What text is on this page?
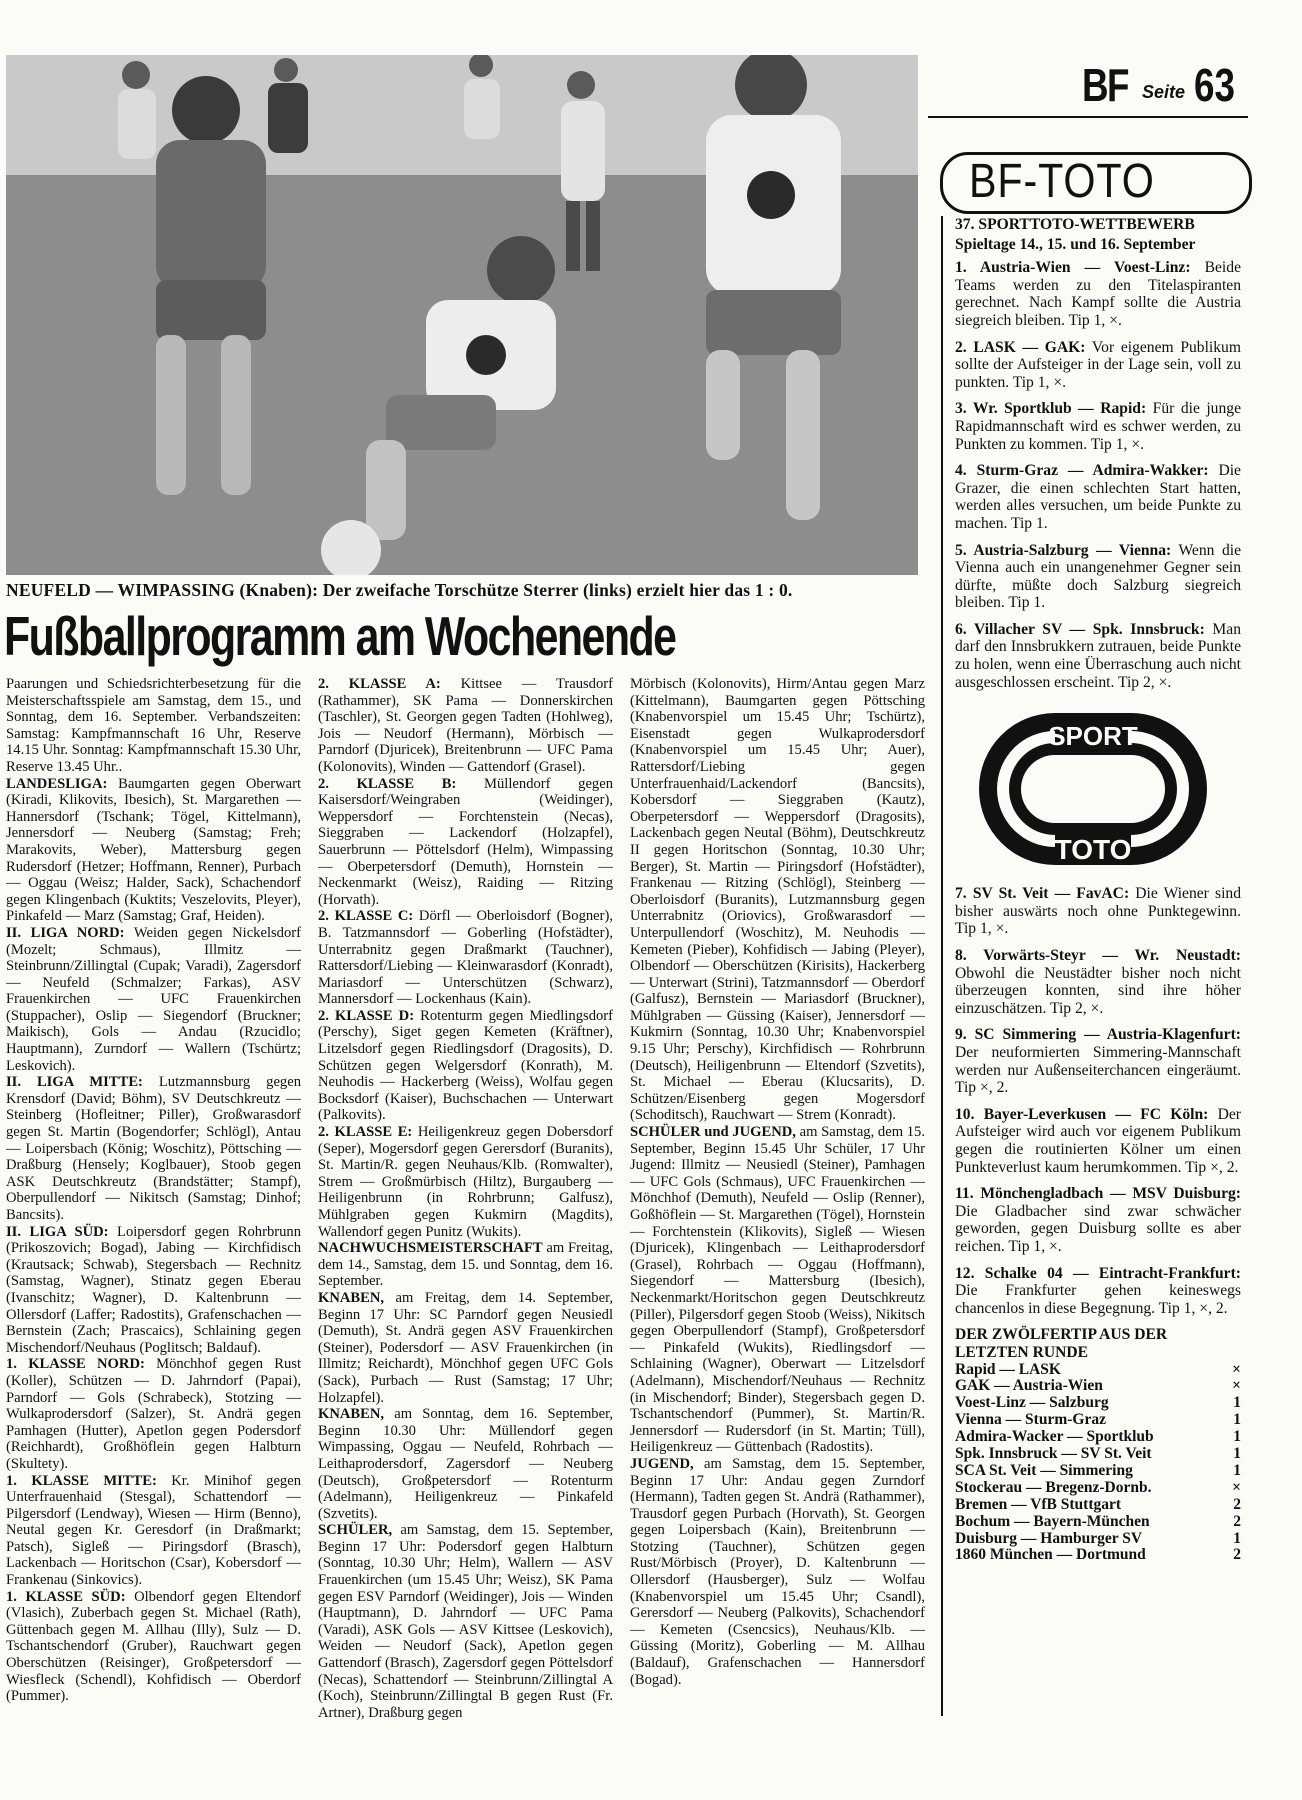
BF Seite 63
NEUFELD — WIMPASSING (Knaben): Der zweifache Torschütze Sterrer (links) erzielt hier das 1 : 0.
Fußballprogramm am Wochenende

Paarungen und Schiedsrichterbesetzung für die Meisterschaftsspiele am Samstag, dem 15., und Sonntag, dem 16. September. Verbandszeiten: Samstag: Kampfmannschaft 16 Uhr, Reserve 14.15 Uhr. Sonntag: Kampfmannschaft 15.30 Uhr, Reserve 13.45 Uhr..

LANDESLIGA: Baumgarten gegen Oberwart (Kiradi, Klikovits, Ibesich), St. Margarethen — Hannersdorf (Tschank; Tögel, Kittelmann), Jennersdorf — Neuberg (Samstag; Freh; Marakovits, Weber), Mattersburg gegen Rudersdorf (Hetzer; Hoffmann, Renner), Purbach — Oggau (Weisz; Halder, Sack), Schachendorf gegen Klingenbach (Kuktits; Veszelovits, Pleyer), Pinkafeld — Marz (Samstag; Graf, Heiden).

II. LIGA NORD: Weiden gegen Nickelsdorf (Mozelt; Schmaus), Illmitz — Steinbrunn/Zillingtal (Cupak; Varadi), Zagersdorf — Neufeld (Schmalzer; Farkas), ASV Frauenkirchen — UFC Frauenkirchen (Stuppacher), Oslip — Siegendorf (Bruckner; Maikisch), Gols — Andau (Rzucidlo; Hauptmann), Zurndorf — Wallern (Tschürtz; Leskovich).

II. LIGA MITTE: Lutzmannsburg gegen Krensdorf (David; Böhm), SV Deutschkreutz — Steinberg (Hofleitner; Piller), Großwarasdorf gegen St. Martin (Bogendorfer; Schlögl), Antau — Loipersbach (König; Woschitz), Pöttsching — Draßburg (Hensely; Koglbauer), Stoob gegen ASK Deutschkreutz (Brandstätter; Stampf), Oberpullendorf — Nikitsch (Samstag; Dinhof; Bancsits).

II. LIGA SÜD: Loipersdorf gegen Rohrbrunn (Prikoszovich; Bogad), Jabing — Kirchfidisch (Krautsack; Schwab), Stegersbach — Rechnitz (Samstag, Wagner), Stinatz gegen Eberau (Ivanschitz; Wagner), D. Kaltenbrunn — Ollersdorf (Laffer; Radostits), Grafenschachen — Bernstein (Zach; Prascaics), Schlaining gegen Mischendorf/Neuhaus (Poglitsch; Baldauf).

1. KLASSE NORD: Mönchhof gegen Rust (Koller), Schützen — D. Jahrndorf (Papai), Parndorf — Gols (Schrabeck), Stotzing — Wulkaprodersdorf (Salzer), St. Andrä gegen Pamhagen (Hutter), Apetlon gegen Podersdorf (Reichhardt), Großhöflein gegen Halbturn (Skultety).

1. KLASSE MITTE: Kr. Minihof gegen Unterfrauenhaid (Stesgal), Schattendorf — Pilgersdorf (Lendway), Wiesen — Hirm (Benno), Neutal gegen Kr. Geresdorf (in Draßmarkt; Patsch), Sigleß — Piringsdorf (Brasch), Lackenbach — Horitschon (Csar), Kobersdorf — Frankenau (Sinkovics).

1. KLASSE SÜD: Olbendorf gegen Eltendorf (Vlasich), Zuberbach gegen St. Michael (Rath), Güttenbach gegen M. Allhau (Illy), Sulz — D. Tschantschendorf (Gruber), Rauchwart gegen Oberschützen (Reisinger), Großpetersdorf — Wiesfleck (Schendl), Kohfidisch — Oberdorf (Pummer).

2. KLASSE A: Kittsee — Trausdorf (Rathammer), SK Pama — Donnerskirchen (Taschler), St. Georgen gegen Tadten (Hohlweg), Jois — Neudorf (Hermann), Mörbisch — Parndorf (Djuricek), Breitenbrunn — UFC Pama (Kolonovits), Winden — Gattendorf (Grasel).

2. KLASSE B: Müllendorf gegen Kaisersdorf/Weingraben (Weidinger), Weppersdorf — Forchtenstein (Necas), Sieggraben — Lackendorf (Holzapfel), Sauerbrunn — Pöttelsdorf (Helm), Wimpassing — Oberpetersdorf (Demuth), Hornstein — Neckenmarkt (Weisz), Raiding — Ritzing (Horvath).

2. KLASSE C: Dörfl — Oberloisdorf (Bogner), B. Tatzmannsdorf — Goberling (Hofstädter), Unterrabnitz gegen Draßmarkt (Tauchner), Rattersdorf/Liebing — Kleinwarasdorf (Konradt), Mariasdorf — Unterschützen (Schwarz), Mannersdorf — Lockenhaus (Kain).

2. KLASSE D: Rotenturm gegen Miedlingsdorf (Perschy), Siget gegen Kemeten (Kräftner), Litzelsdorf gegen Riedlingsdorf (Dragosits), D. Schützen gegen Welgersdorf (Konrath), M. Neuhodis — Hackerberg (Weiss), Wolfau gegen Bocksdorf (Kaiser), Buchschachen — Unterwart (Palkovits).

2. KLASSE E: Heiligenkreuz gegen Dobersdorf (Seper), Mogersdorf gegen Gerersdorf (Buranits), St. Martin/R. gegen Neuhaus/Klb. (Romwalter), Strem — Großmürbisch (Hiltz), Burgauberg — Heiligenbrunn (in Rohrbrunn; Galfusz), Mühlgraben gegen Kukmirn (Magdits), Wallendorf gegen Punitz (Wukits).

NACHWUCHSMEISTERSCHAFT am Freitag, dem 14., Samstag, dem 15. und Sonntag, dem 16. September.

KNABEN, am Freitag, dem 14. September, Beginn 17 Uhr: SC Parndorf gegen Neusiedl (Demuth), St. Andrä gegen ASV Frauenkirchen (Steiner), Podersdorf — ASV Frauenkirchen (in Illmitz; Reichardt), Mönchhof gegen UFC Gols (Sack), Purbach — Rust (Samstag; 17 Uhr; Holzapfel).

KNABEN, am Sonntag, dem 16. September, Beginn 10.30 Uhr: Müllendorf gegen Wimpassing, Oggau — Neufeld, Rohrbach — Leithaprodersdorf, Zagersdorf — Neuberg (Deutsch), Großpetersdorf — Rotenturm (Adelmann), Heiligenkreuz — Pinkafeld (Szvetits).

SCHÜLER, am Samstag, dem 15. September, Beginn 17 Uhr: Podersdorf gegen Halbturn (Sonntag, 10.30 Uhr; Helm), Wallern — ASV Frauenkirchen (um 15.45 Uhr; Weisz), SK Pama gegen ESV Parndorf (Weidinger), Jois — Winden (Hauptmann), D. Jahrndorf — UFC Pama (Varadi), ASK Gols — ASV Kittsee (Leskovich), Weiden — Neudorf (Sack), Apetlon gegen Gattendorf (Brasch), Zagersdorf gegen Pöttelsdorf (Necas), Schattendorf — Steinbrunn/Zillingtal A (Koch), Steinbrunn/Zillingtal B gegen Rust (Fr. Artner), Draßburg gegen

Mörbisch (Kolonovits), Hirm/Antau gegen Marz (Kittelmann), Baumgarten gegen Pöttsching (Knabenvorspiel um 15.45 Uhr; Tschürtz), Eisenstadt gegen Wulkaprodersdorf (Knabenvorspiel um 15.45 Uhr; Auer), Rattersdorf/Liebing gegen Unterfrauenhaid/Lackendorf (Bancsits), Kobersdorf — Sieggraben (Kautz), Oberpetersdorf — Weppersdorf (Dragosits), Lackenbach gegen Neutal (Böhm), Deutschkreutz II gegen Horitschon (Sonntag, 10.30 Uhr; Berger), St. Martin — Piringsdorf (Hofstädter), Frankenau — Ritzing (Schlögl), Steinberg — Oberloisdorf (Buranits), Lutzmannsburg gegen Unterrabnitz (Oriovics), Großwarasdorf — Unterpullendorf (Woschitz), M. Neuhodis — Kemeten (Pieber), Kohfidisch — Jabing (Pleyer), Olbendorf — Oberschützen (Kirisits), Hackerberg — Unterwart (Strini), Tatzmannsdorf — Oberdorf (Galfusz), Bernstein — Mariasdorf (Bruckner), Mühlgraben — Güssing (Kaiser), Jennersdorf — Kukmirn (Sonntag, 10.30 Uhr; Knabenvorspiel 9.15 Uhr; Perschy), Kirchfidisch — Rohrbrunn (Deutsch), Heiligenbrunn — Eltendorf (Szvetits), St. Michael — Eberau (Klucsarits), D. Schützen/Eisenberg gegen Mogersdorf (Schoditsch), Rauchwart — Strem (Konradt).

SCHÜLER und JUGEND, am Samstag, dem 15. September, Beginn 15.45 Uhr Schüler, 17 Uhr Jugend: Illmitz — Neusiedl (Steiner), Pamhagen — UFC Gols (Schmaus), UFC Frauenkirchen — Mönchhof (Demuth), Neufeld — Oslip (Renner), Goßhöflein — St. Margarethen (Tögel), Hornstein — Forchtenstein (Klikovits), Sigleß — Wiesen (Djuricek), Klingenbach — Leithaprodersdorf (Grasel), Rohrbach — Oggau (Hoffmann), Siegendorf — Mattersburg (Ibesich), Neckenmarkt/Horitschon gegen Deutschkreutz (Piller), Pilgersdorf gegen Stoob (Weiss), Nikitsch gegen Oberpullendorf (Stampf), Großpetersdorf — Pinkafeld (Wukits), Riedlingsdorf — Schlaining (Wagner), Oberwart — Litzelsdorf (Adelmann), Mischendorf/Neuhaus — Rechnitz (in Mischendorf; Binder), Stegersbach gegen D. Tschantschendorf (Pummer), St. Martin/R. Jennersdorf — Rudersdorf (in St. Martin; Tüll), Heiligenkreuz — Güttenbach (Radostits).

JUGEND, am Samstag, dem 15. September, Beginn 17 Uhr: Andau gegen Zurndorf (Hermann), Tadten gegen St. Andrä (Rathammer), Trausdorf gegen Purbach (Horvath), St. Georgen gegen Loipersbach (Kain), Breitenbrunn — Stotzing (Tauchner), Schützen gegen Rust/Mörbisch (Proyer), D. Kaltenbrunn — Ollersdorf (Hausberger), Sulz — Wolfau (Knabenvorspiel um 15.45 Uhr; Csandl), Gerersdorf — Neuberg (Palkovits), Schachendorf — Kemeten (Csencsics), Neuhaus/Klb. — Güssing (Moritz), Goberling — M. Allhau (Baldauf), Grafenschachen — Hannersdorf (Bogad).

BF-TOTO
37. SPORTTOTO-WETTBEWERB
Spieltage 14., 15. und 16. September

1. Austria-Wien — Voest-Linz: Beide Teams werden zu den Titelaspiranten gerechnet. Nach Kampf sollte die Austria siegreich bleiben. Tip 1, ×.

2. LASK — GAK: Vor eigenem Publikum sollte der Aufsteiger in der Lage sein, voll zu punkten. Tip 1, ×.

3. Wr. Sportklub — Rapid: Für die junge Rapidmannschaft wird es schwer werden, zu Punkten zu kommen. Tip 1, ×.

4. Sturm-Graz — Admira-Wakker: Die Grazer, die einen schlechten Start hatten, werden alles versuchen, um beide Punkte zu machen. Tip 1.

5. Austria-Salzburg — Vienna: Wenn die Vienna auch ein unangenehmer Gegner sein dürfte, müßte doch Salzburg siegreich bleiben. Tip 1.

6. Villacher SV — Spk. Innsbruck: Man darf den Innsbrukkern zutrauen, beide Punkte zu holen, wenn eine Überraschung auch nicht ausgeschlossen erscheint. Tip 2, ×.

SPORT
TOTO

7. SV St. Veit — FavAC: Die Wiener sind bisher auswärts noch ohne Punktegewinn. Tip 1, ×.

8. Vorwärts-Steyr — Wr. Neustadt: Obwohl die Neustädter bisher noch nicht überzeugen konnten, sind ihre höher einzuschätzen. Tip 2, ×.

9. SC Simmering — Austria-Klagenfurt: Der neuformierten Simmering-Mannschaft werden nur Außenseiterchancen eingeräumt. Tip ×, 2.

10. Bayer-Leverkusen — FC Köln: Der Aufsteiger wird auch vor eigenem Publikum gegen die routinierten Kölner um einen Punkteverlust kaum herumkommen. Tip ×, 2.

11. Mönchengladbach — MSV Duisburg: Die Gladbacher sind zwar schwächer geworden, gegen Duisburg sollte es aber reichen. Tip 1, ×.

12. Schalke 04 — Eintracht-Frankfurt: Die Frankfurter gehen keineswegs chancenlos in diese Begegnung. Tip 1, ×, 2.

DER ZWÖLFERTIP AUS DER LETZTEN RUNDE
Rapid — LASK	×
GAK — Austria-Wien	×
Voest-Linz — Salzburg	1
Vienna — Sturm-Graz	1
Admira-Wacker — Sportklub	1
Spk. Innsbruck — SV St. Veit	1
SCA St. Veit — Simmering	1
Stockerau — Bregenz-Dornb.	×
Bremen — VfB Stuttgart	2
Bochum — Bayern-München	2
Duisburg — Hamburger SV	1
1860 München — Dortmund	2
